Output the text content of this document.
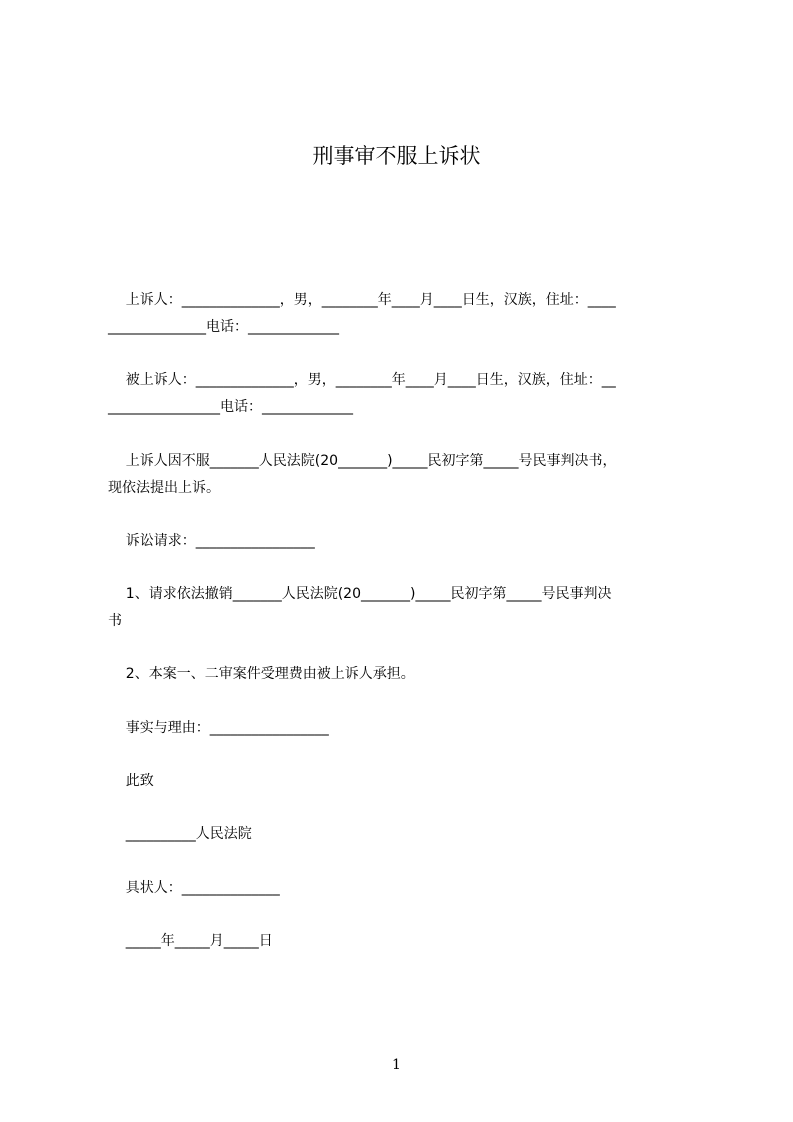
刑事审不服上诉状
上诉人：______________，男，________年____月____日生，汉族，住址：____
______________电话：_____________
被上诉人：______________，男，________年____月____日生，汉族，住址：__
________________电话：_____________
上诉人因不服_______人民法院(20_______)_____民初字第_____号民事判决书，
现依法提出上诉。
诉讼请求：_________________
1、请求依法撤销_______人民法院(20_______)_____民初字第_____号民事判决
书
2、本案一、二审案件受理费由被上诉人承担。
事实与理由：_________________
此致
__________人民法院
具状人：______________
_____年_____月_____日
1
